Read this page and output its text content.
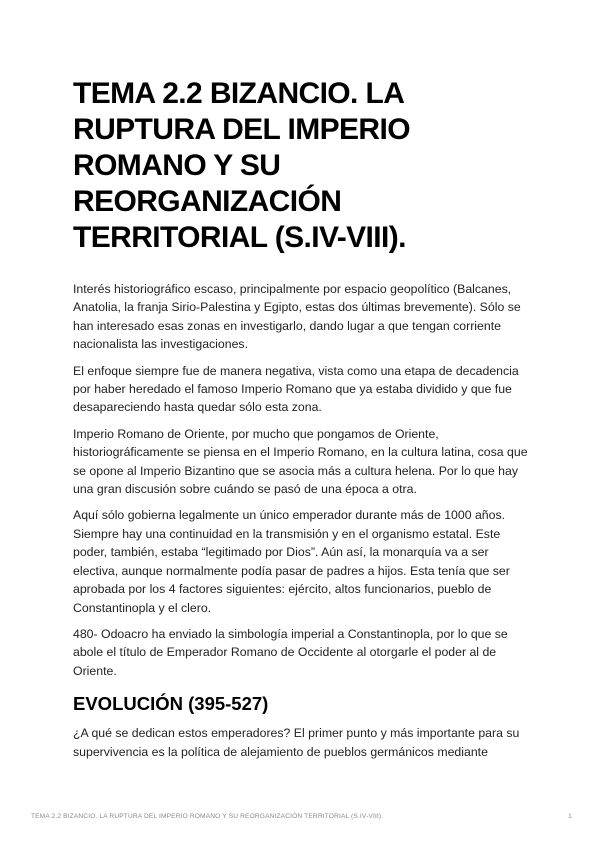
TEMA 2.2 BIZANCIO. LA RUPTURA DEL IMPERIO ROMANO Y SU REORGANIZACIÓN TERRITORIAL (S.IV-VIII).

Interés historiográfico escaso, principalmente por espacio geopolítico (Balcanes, Anatolia, la franja Sirio-Palestina y Egipto, estas dos últimas brevemente). Sólo se han interesado esas zonas en investigarlo, dando lugar a que tengan corriente nacionalista las investigaciones.

El enfoque siempre fue de manera negativa, vista como una etapa de decadencia por haber heredado el famoso Imperio Romano que ya estaba dividido y que fue desapareciendo hasta quedar sólo esta zona.

Imperio Romano de Oriente, por mucho que pongamos de Oriente, historiográficamente se piensa en el Imperio Romano, en la cultura latina, cosa que se opone al Imperio Bizantino que se asocia más a cultura helena. Por lo que hay una gran discusión sobre cuándo se pasó de una época a otra.

Aquí sólo gobierna legalmente un único emperador durante más de 1000 años. Siempre hay una continuidad en la transmisión y en el organismo estatal. Este poder, también, estaba “legitimado por Dios”. Aún así, la monarquía va a ser electiva, aunque normalmente podía pasar de padres a hijos. Esta tenía que ser aprobada por los 4 factores siguientes: ejército, altos funcionarios, pueblo de Constantinopla y el clero.

480- Odoacro ha enviado la simbología imperial a Constantinopla, por lo que se abole el título de Emperador Romano de Occidente al otorgarle el poder al de Oriente.

EVOLUCIÓN (395-527)

¿A qué se dedican estos emperadores? El primer punto y más importante para su supervivencia es la política de alejamiento de pueblos germánicos mediante

TEMA 2.2 BIZANCIO. LA RUPTURA DEL IMPERIO ROMANO Y SU REORGANIZACIÓN TERRITORIAL (S.IV-VIII).	1
